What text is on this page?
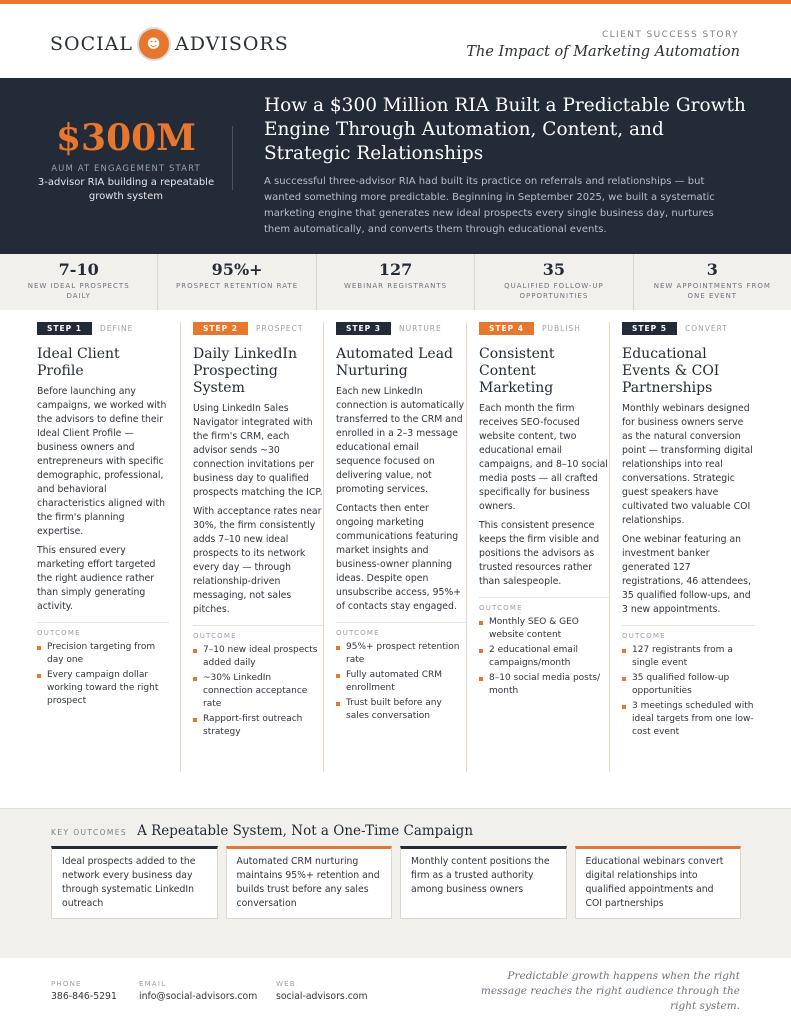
SOCIAL	☻ ADVISORS	CLIENT SUCCESS STORY
The Impact of Marketing Automation
$300M
AUM AT ENGAGEMENT START
3-advisor RIA building a repeatable growth system
How a $300 Million RIA Built a Predictable Growth Engine Through Automation, Content, and Strategic Relationships

A successful three-advisor RIA had built its practice on referrals and relationships — but wanted something more predictable. Beginning in September 2025, we built a systematic marketing engine that generates new ideal prospects every single business day, nurtures them automatically, and converts them through educational events.

7-10
NEW IDEAL PROSPECTS DAILY
95%+
PROSPECT RETENTION RATE
127
WEBINAR REGISTRANTS
35
QUALIFIED FOLLOW-UP OPPORTUNITIES
3
NEW APPOINTMENTS FROM ONE EVENT
STEP 1	DEFINE
Ideal Client Profile

Before launching any campaigns, we worked with the advisors to define their Ideal Client Profile — business owners and entrepreneurs with specific demographic, professional, and behavioral characteristics aligned with the firm's planning expertise.

This ensured every marketing effort targeted the right audience rather than simply generating activity.

OUTCOME
Precision targeting from day one
Every campaign dollar working toward the right prospect
STEP 2	PROSPECT
Daily LinkedIn Prospecting System

Using LinkedIn Sales Navigator integrated with the firm's CRM, each advisor sends ~30 connection invitations per business day to qualified prospects matching the ICP.

With acceptance rates near 30%, the firm consistently adds 7–10 new ideal prospects to its network every day — through relationship-driven messaging, not sales pitches.

OUTCOME
7–10 new ideal prospects added daily
~30% LinkedIn connection acceptance rate
Rapport-first outreach strategy
STEP 3	NURTURE
Automated Lead Nurturing

Each new LinkedIn connection is automatically transferred to the CRM and enrolled in a 2–3 message educational email sequence focused on delivering value, not promoting services.

Contacts then enter ongoing marketing communications featuring market insights and business-owner planning ideas. Despite open unsubscribe access, 95%+ of contacts stay engaged.

OUTCOME
95%+ prospect retention rate
Fully automated CRM enrollment
Trust built before any sales conversation
STEP 4	PUBLISH
Consistent Content Marketing

Each month the firm receives SEO-focused website content, two educational email campaigns, and 8–10 social media posts — all crafted specifically for business owners.

This consistent presence keeps the firm visible and positions the advisors as trusted resources rather than salespeople.

OUTCOME
Monthly SEO & GEO website content
2 educational email campaigns/month
8–10 social media posts/ month
STEP 5	CONVERT
Educational Events & COI Partnerships

Monthly webinars designed for business owners serve as the natural conversion point — transforming digital relationships into real conversations. Strategic guest speakers have cultivated two valuable COI relationships.

One webinar featuring an investment banker generated 127 registrations, 46 attendees, 35 qualified follow-ups, and 3 new appointments.

OUTCOME
127 registrants from a single event
35 qualified follow-up opportunities
3 meetings scheduled with ideal targets from one low-cost event
KEY OUTCOMES A Repeatable System, Not a One-Time Campaign
Ideal prospects added to the network every business day through systematic LinkedIn outreach
Automated CRM nurturing maintains 95%+ retention and builds trust before any sales conversation
Monthly content positions the firm as a trusted authority among business owners
Educational webinars convert digital relationships into qualified appointments and COI partnerships
PHONE
386-846-5291
EMAIL
info@social-advisors.com
WEB
social-advisors.com
Predictable growth happens when the right message reaches the right audience through the right system.
